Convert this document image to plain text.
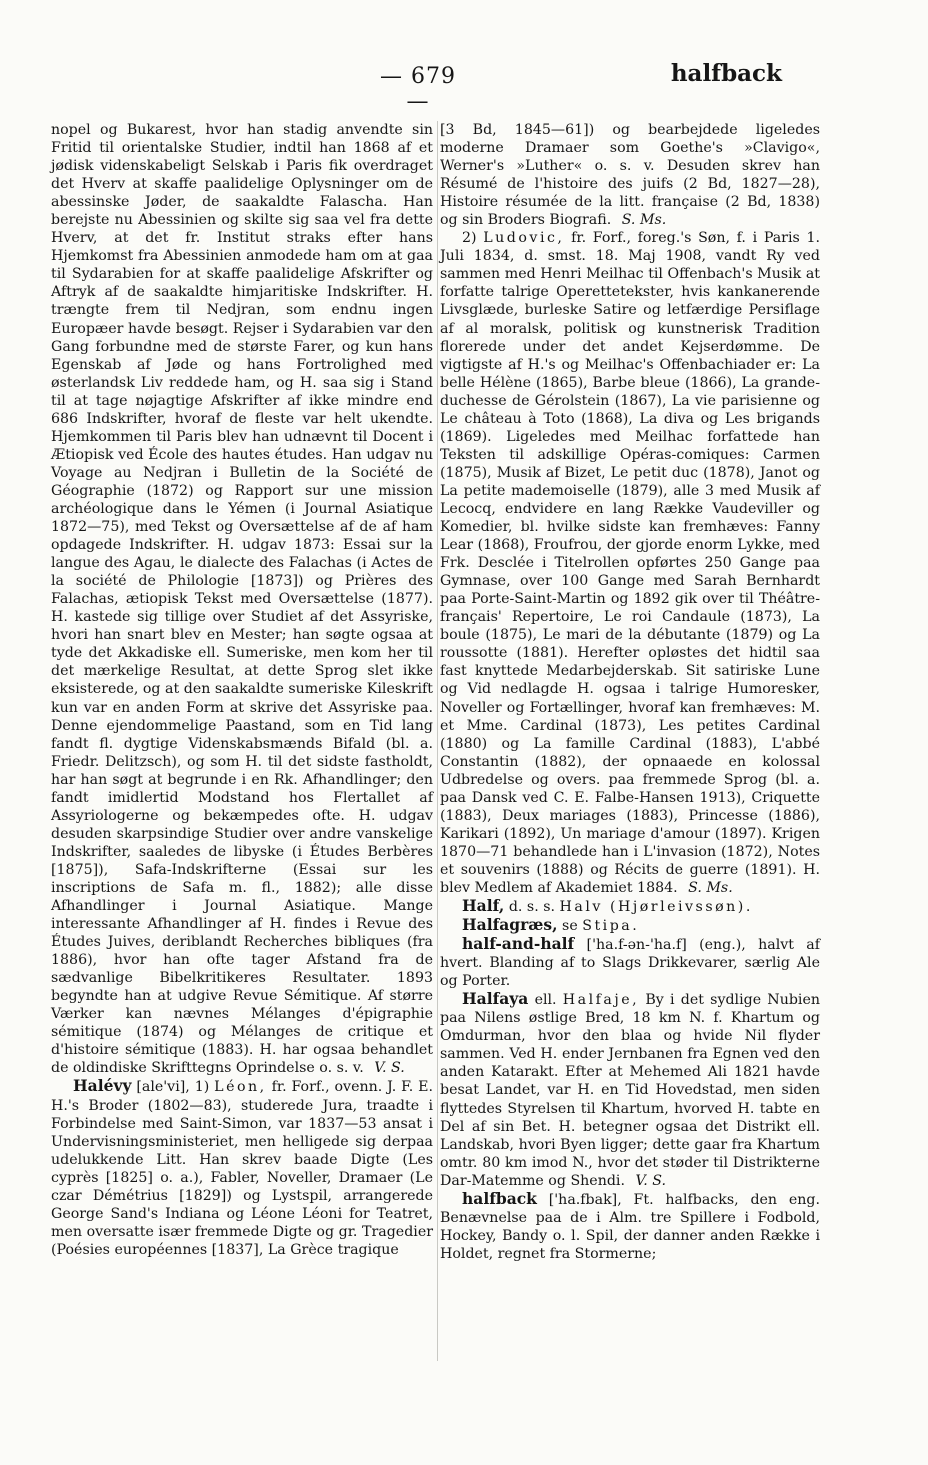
— 679 —
halfback

nopel og Bukarest, hvor han stadig anvendte sin Fritid til orientalske Studier, indtil han 1868 af et jødisk videnskabeligt Selskab i Paris fik overdraget det Hverv at skaffe paalidelige Oplysninger om de abessinske Jøder, de saakaldte Falascha. Han berejste nu Abessinien og skilte sig saa vel fra dette Hverv, at det fr. Institut straks efter hans Hjemkomst fra Abessinien anmodede ham om at gaa til Sydarabien for at skaffe paalidelige Afskrifter og Aftryk af de saakaldte himjaritiske Indskrifter. H. trængte frem til Nedjran, som endnu ingen Europæer havde besøgt. Rejser i Sydarabien var den Gang forbundne med de største Farer, og kun hans Egenskab af Jøde og hans Fortrolighed med østerlandsk Liv reddede ham, og H. saa sig i Stand til at tage nøjagtige Afskrifter af ikke mindre end 686 Indskrifter, hvoraf de fleste var helt ukendte. Hjemkommen til Paris blev han udnævnt til Docent i Ætiopisk ved École des hautes études. Han udgav nu Voyage au Nedjran i Bulletin de la Société de Géographie (1872) og Rapport sur une mission archéologique dans le Yémen (i Journal Asiatique 1872—75), med Tekst og Oversættelse af de af ham opdagede Indskrifter. H. udgav 1873: Essai sur la langue des Agau, le dialecte des Falachas (i Actes de la société de Philologie [1873]) og Prières des Falachas, ætiopisk Tekst med Oversættelse (1877). H. kastede sig tillige over Studiet af det Assyriske, hvori han snart blev en Mester; han søgte ogsaa at tyde det Akkadiske ell. Sumeriske, men kom her til det mærkelige Resultat, at dette Sprog slet ikke eksisterede, og at den saakaldte sumeriske Kileskrift kun var en anden Form at skrive det Assyriske paa. Denne ejendommelige Paastand, som en Tid lang fandt fl. dygtige Videnskabsmænds Bifald (bl. a. Friedr. Delitzsch), og som H. til det sidste fastholdt, har han søgt at begrunde i en Rk. Afhandlinger; den fandt imidlertid Modstand hos Flertallet af Assyriologerne og bekæmpedes ofte. H. udgav desuden skarpsindige Studier over andre vanskelige Indskrifter, saaledes de libyske (i Études Berbères [1875]), Safa-Indskrifterne (Essai sur les inscriptions de Safa m. fl., 1882); alle disse Afhandlinger i Journal Asiatique. Mange interessante Afhandlinger af H. findes i Revue des Études Juives, deriblandt Recherches bibliques (fra 1886), hvor han ofte tager Afstand fra de sædvanlige Bibelkritikeres Resultater. 1893 begyndte han at udgive Revue Sémitique. Af større Værker kan nævnes Mélanges d'épigraphie sémitique (1874) og Mélanges de critique et d'histoire sémitique (1883). H. har ogsaa behandlet de oldindiske Skrifttegns Oprindelse o. s. v. V. S.

Halévy [ale'vi], 1) Léon, fr. Forf., ovenn. J. F. E. H.'s Broder (1802—83), studerede Jura, traadte i Forbindelse med Saint-Simon, var 1837—53 ansat i Undervisningsministeriet, men helligede sig derpaa udelukkende Litt. Han skrev baade Digte (Les cyprès [1825] o. a.), Fabler, Noveller, Dramaer (Le czar Démétrius [1829]) og Lystspil, arrangerede George Sand's Indiana og Léone Léoni for Teatret, men oversatte især fremmede Digte og gr. Tragedier (Poésies européennes [1837], La Grèce tragique

[3 Bd, 1845—61]) og bearbejdede ligeledes moderne Dramaer som Goethe's »Clavigo«, Werner's »Luther« o. s. v. Desuden skrev han Résumé de l'histoire des juifs (2 Bd, 1827—28), Histoire résumée de la litt. française (2 Bd, 1838) og sin Broders Biografi. S. Ms.

2) Ludovic, fr. Forf., foreg.'s Søn, f. i Paris 1. Juli 1834, d. smst. 18. Maj 1908, vandt Ry ved sammen med Henri Meilhac til Offenbach's Musik at forfatte talrige Operettetekster, hvis kankanerende Livsglæde, burleske Satire og letfærdige Persiflage af al moralsk, politisk og kunstnerisk Tradition florerede under det andet Kejserdømme. De vigtigste af H.'s og Meilhac's Offenbachiader er: La belle Hélène (1865), Barbe bleue (1866), La grande-duchesse de Gérolstein (1867), La vie parisienne og Le château à Toto (1868), La diva og Les brigands (1869). Ligeledes med Meilhac forfattede han Teksten til adskillige Opéras-comiques: Carmen (1875), Musik af Bizet, Le petit duc (1878), Janot og La petite mademoiselle (1879), alle 3 med Musik af Lecocq, endvidere en lang Række Vaudeviller og Komedier, bl. hvilke sidste kan fremhæves: Fanny Lear (1868), Froufrou, der gjorde enorm Lykke, med Frk. Desclée i Titelrollen opførtes 250 Gange paa Gymnase, over 100 Gange med Sarah Bernhardt paa Porte-Saint-Martin og 1892 gik over til Théâtre-français' Repertoire, Le roi Candaule (1873), La boule (1875), Le mari de la débutante (1879) og La roussotte (1881). Herefter opløstes det hidtil saa fast knyttede Medarbejderskab. Sit satiriske Lune og Vid nedlagde H. ogsaa i talrige Humoresker, Noveller og Fortællinger, hvoraf kan fremhæves: M. et Mme. Cardinal (1873), Les petites Cardinal (1880) og La famille Cardinal (1883), L'abbé Constantin (1882), der opnaaede en kolossal Udbredelse og overs. paa fremmede Sprog (bl. a. paa Dansk ved C. E. Falbe-Hansen 1913), Criquette (1883), Deux mariages (1883), Princesse (1886), Karikari (1892), Un mariage d'amour (1897). Krigen 1870—71 behandlede han i L'invasion (1872), Notes et souvenirs (1888) og Récits de guerre (1891). H. blev Medlem af Akademiet 1884. S. Ms.

Half, d. s. s. Halv (Hjørleivssøn).

Halfagræs, se Stipa.

half-and-half ['ha.f-ən-'ha.f] (eng.), halvt af hvert. Blanding af to Slags Drikkevarer, særlig Ale og Porter.

Halfaya ell. Halfaje, By i det sydlige Nubien paa Nilens østlige Bred, 18 km N. f. Khartum og Omdurman, hvor den blaa og hvide Nil flyder sammen. Ved H. ender Jernbanen fra Egnen ved den anden Katarakt. Efter at Mehemed Ali 1821 havde besat Landet, var H. en Tid Hovedstad, men siden flyttedes Styrelsen til Khartum, hvorved H. tabte en Del af sin Bet. H. betegner ogsaa det Distrikt ell. Landskab, hvori Byen ligger; dette gaar fra Khartum omtr. 80 km imod N., hvor det støder til Distrikterne Dar-Matemme og Shendi. V. S.

halfback ['ha.fbak], Ft. halfbacks, den eng. Benævnelse paa de i Alm. tre Spillere i Fodbold, Hockey, Bandy o. l. Spil, der danner anden Række i Holdet, regnet fra Stormerne;
